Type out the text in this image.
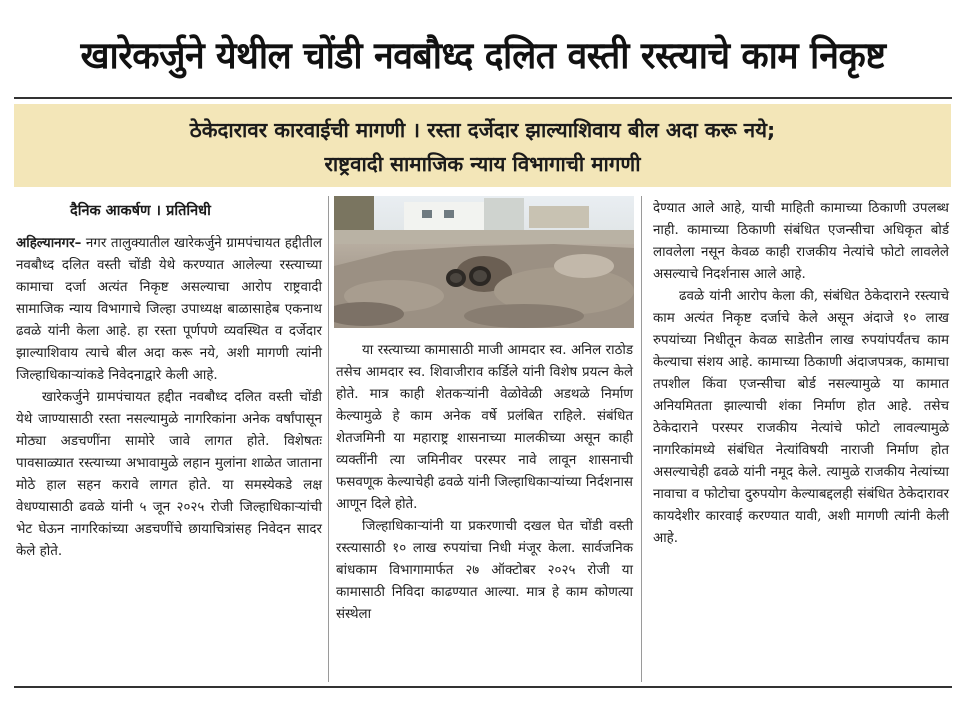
खारेकर्जुने येथील चोंडी नवबौध्द दलित वस्ती रस्त्याचे काम निकृष्ट
ठेकेदारावर कारवाईची मागणी । रस्ता दर्जेदार झाल्याशिवाय बील अदा करू नये;
राष्ट्रवादी सामाजिक न्याय विभागाची मागणी
दैनिक आकर्षण । प्रतिनिधी

अहिल्यानगर– नगर तालुक्यातील खारेकर्जुने ग्रामपंचायत हद्दीतील नवबौध्द दलित वस्ती चोंडी येथे करण्यात आलेल्या रस्त्याच्या कामाचा दर्जा अत्यंत निकृष्ट असल्याचा आरोप राष्ट्रवादी सामाजिक न्याय विभागाचे जिल्हा उपाध्यक्ष बाळासाहेब एकनाथ ढवळे यांनी केला आहे. हा रस्ता पूर्णपणे व्यवस्थित व दर्जेदार झाल्याशिवाय त्याचे बील अदा करू नये, अशी मागणी त्यांनी जिल्हाधिकाऱ्यांकडे निवेदनाद्वारे केली आहे.

खारेकर्जुने ग्रामपंचायत हद्दीत नवबौध्द दलित वस्ती चोंडी येथे जाण्यासाठी रस्ता नसल्यामुळे नागरिकांना अनेक वर्षांपासून मोठ्या अडचणींना सामोरे जावे लागत होते. विशेषतः पावसाळ्यात रस्त्याच्या अभावामुळे लहान मुलांना शाळेत जाताना मोठे हाल सहन करावे लागत होते. या समस्येकडे लक्ष वेधण्यासाठी ढवळे यांनी ५ जून २०२५ रोजी जिल्हाधिकाऱ्यांची भेट घेऊन नागरिकांच्या अडचणींचे छायाचित्रांसह निवेदन सादर केले होते.

या रस्त्याच्या कामासाठी माजी आमदार स्व. अनिल राठोड तसेच आमदार स्व. शिवाजीराव कर्डिले यांनी विशेष प्रयत्न केले होते. मात्र काही शेतकऱ्यांनी वेळोवेळी अडथळे निर्माण केल्यामुळे हे काम अनेक वर्षे प्रलंबित राहिले. संबंधित शेतजमिनी या महाराष्ट्र शासनाच्या मालकीच्या असून काही व्यक्तींनी त्या जमिनीवर परस्पर नावे लावून शासनाची फसवणूक केल्याचेही ढवळे यांनी जिल्हाधिकाऱ्यांच्या निर्दशनास आणून दिले होते.

जिल्हाधिकाऱ्यांनी या प्रकरणाची दखल घेत चोंडी वस्ती रस्त्यासाठी १० लाख रुपयांचा निधी मंजूर केला. सार्वजनिक बांधकाम विभागामार्फत २७ ऑक्टोबर २०२५ रोजी या कामासाठी निविदा काढण्यात आल्या. मात्र हे काम कोणत्या संस्थेला

देण्यात आले आहे, याची माहिती कामाच्या ठिकाणी उपलब्ध नाही. कामाच्या ठिकाणी संबंधित एजन्सीचा अधिकृत बोर्ड लावलेला नसून केवळ काही राजकीय नेत्यांचे फोटो लावलेले असल्याचे निदर्शनास आले आहे.

ढवळे यांनी आरोप केला की, संबंधित ठेकेदाराने रस्त्याचे काम अत्यंत निकृष्ट दर्जाचे केले असून अंदाजे १० लाख रुपयांच्या निधीतून केवळ साडेतीन लाख रुपयांपर्यंतच काम केल्याचा संशय आहे. कामाच्या ठिकाणी अंदाजपत्रक, कामाचा तपशील किंवा एजन्सीचा बोर्ड नसल्यामुळे या कामात अनियमितता झाल्याची शंका निर्माण होत आहे. तसेच ठेकेदाराने परस्पर राजकीय नेत्यांचे फोटो लावल्यामुळे नागरिकांमध्ये संबंधित नेत्यांविषयी नाराजी निर्माण होत असल्याचेही ढवळे यांनी नमूद केले. त्यामुळे राजकीय नेत्यांच्या नावाचा व फोटोचा दुरुपयोग केल्याबद्दलही संबंधित ठेकेदारावर कायदेशीर कारवाई करण्यात यावी, अशी मागणी त्यांनी केली आहे.
